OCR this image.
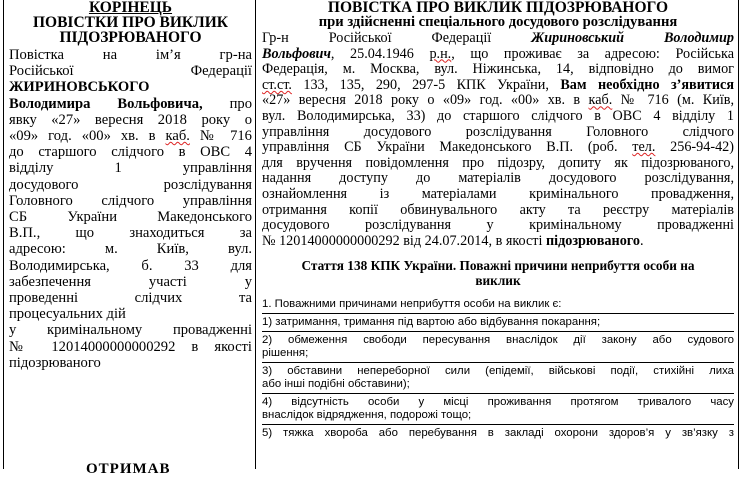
КОРІНЕЦЬ
ПОВІСТКИ ПРО ВИКЛИК
ПІДОЗРЮВАНОГО
Повістка на ім’я гр-на
Російської Федерації
ЖИРИНОВСЬКОГО
Володимира Вольфовича, про
явку «27» вересня 2018 року о
«09» год. «00» хв. в каб. № 716
до старшого слідчого в ОВС 4
відділу 1 управління
досудового розслідування
Головного слідчого управління
СБ України Македонського
В.П., що знаходиться за
адресою: м. Київ, вул.
Володимирська, б. 33 для
забезпечення участі у
проведенні слідчих та
процесуальних дій
у кримінальному провадженні
№ 12014000000000292 в якості
підозрюваного
ОТРИМАВ
ПОВІСТКА ПРО ВИКЛИК ПІДОЗРЮВАНОГО
при здійсненні спеціального досудового розслідування
Гр-н Російської Федерації Жириновський Володимир
Вольфович, 25.04.1946 р.н., що проживає за адресою: Російська
Федерація, м. Москва, вул. Ніжинська, 14, відповідно до вимог
ст.ст. 133, 135, 290, 297-5 КПК України, Вам необхідно з’явитися
«27» вересня 2018 року о «09» год. «00» хв. в каб. № 716 (м. Київ,
вул. Володимирська, 33) до старшого слідчого в ОВС 4 відділу 1
управління досудового розслідування Головного слідчого
управління СБ України Македонського В.П. (роб. тел. 256-94-42)
для вручення повідомлення про підозру, допиту як підозрюваного,
надання доступу до матеріалів досудового розслідування,
ознайомлення із матеріалами кримінального провадження,
отримання копії обвинувального акту та реєстру матеріалів
досудового розслідування у кримінальному провадженні
№ 12014000000000292 від 24.07.2014, в якості підозрюваного.
Стаття 138 КПК України. Поважні причини неприбуття особи на
виклик

1. Поважними причинами неприбуття особи на виклик є:

1) затримання, тримання під вартою або відбування покарання;

2) обмеження свободи пересування внаслідок дії закону або судового

рішення;

3) обставини непереборної сили (епідемії, військові події, стихійні лиха

або інші подібні обставини);

4) відсутність особи у місці проживання протягом тривалого часу

внаслідок відрядження, подорожі тощо;

5) тяжка хвороба або перебування в закладі охорони здоров’я у зв’язку з
